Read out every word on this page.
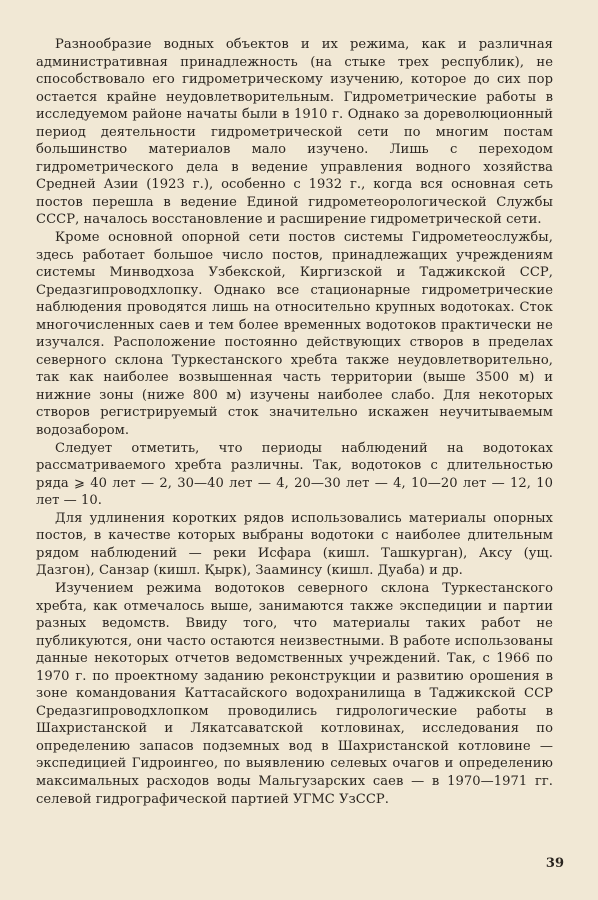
Разнообразие водных объектов и их режима, как и различная административная принадлежность (на стыке трех республик), не способствовало его гидрометрическому изучению, которое до сих пор остается крайне неудовлетворительным. Гидрометрические работы в исследуемом районе начаты были в 1910 г. Однако за дореволюционный период деятельности гидрометрической сети по многим постам большинство материалов мало изучено. Лишь с переходом гидрометрического дела в ведение управления водного хозяйства Средней Азии (1923 г.), особенно с 1932 г., когда вся основная сеть постов перешла в ведение Единой гидрометеорологической Службы СССР, началось восстановление и расширение гидрометрической сети.

Кроме основной опорной сети постов системы Гидрометеослужбы, здесь работает большое число постов, принадлежащих учреждениям системы Минводхоза Узбекской, Киргизской и Таджикской ССР, Средазгипроводхлопку. Однако все стационарные гидрометрические наблюдения проводятся лишь на относительно крупных водотоках. Сток многочисленных саев и тем более временных водотоков практически не изучался. Расположение постоянно действующих створов в пределах северного склона Туркестанского хребта также неудовлетворительно, так как наиболее возвышенная часть территории (выше 3500 м) и нижние зоны (ниже 800 м) изучены наиболее слабо. Для некоторых створов регистрируемый сток значительно искажен неучитываемым водозабором.

Следует отметить, что периоды наблюдений на водотоках рассматриваемого хребта различны. Так, водотоков с длительностью ряда ⩾ 40 лет — 2, 30—40 лет — 4, 20—30 лет — 4, 10—20 лет — 12, 10 лет — 10.

Для удлинения коротких рядов использовались материалы опорных постов, в качестве которых выбраны водотоки с наиболее длительным рядом наблюдений — реки Исфара (кишл. Ташкурган), Аксу (ущ. Дазгон), Санзар (кишл. Қырк), Зааминсу (кишл. Дуаба) и др.

Изучением режима водотоков северного склона Туркестанского хребта, как отмечалось выше, занимаются также экспедиции и партии разных ведомств. Ввиду того, что материалы таких работ не публикуются, они часто остаются неизвестными. В работе использованы данные некоторых отчетов ведомственных учреждений. Так, с 1966 по 1970 г. по проектному заданию реконструкции и развитию орошения в зоне командования Каттасайского водохранилища в Таджикской ССР Средазгипроводхлопком проводились гидрологические работы в Шахристанской и Лякатсаватской котловинах, исследования по определению запасов подземных вод в Шахристанской котловине — экспедицией Гидроингео, по выявлению селевых очагов и определению максимальных расходов воды Мальгузарских саев — в 1970—1971 гг. селевой гидрографической партией УГМС УзССР.

39
